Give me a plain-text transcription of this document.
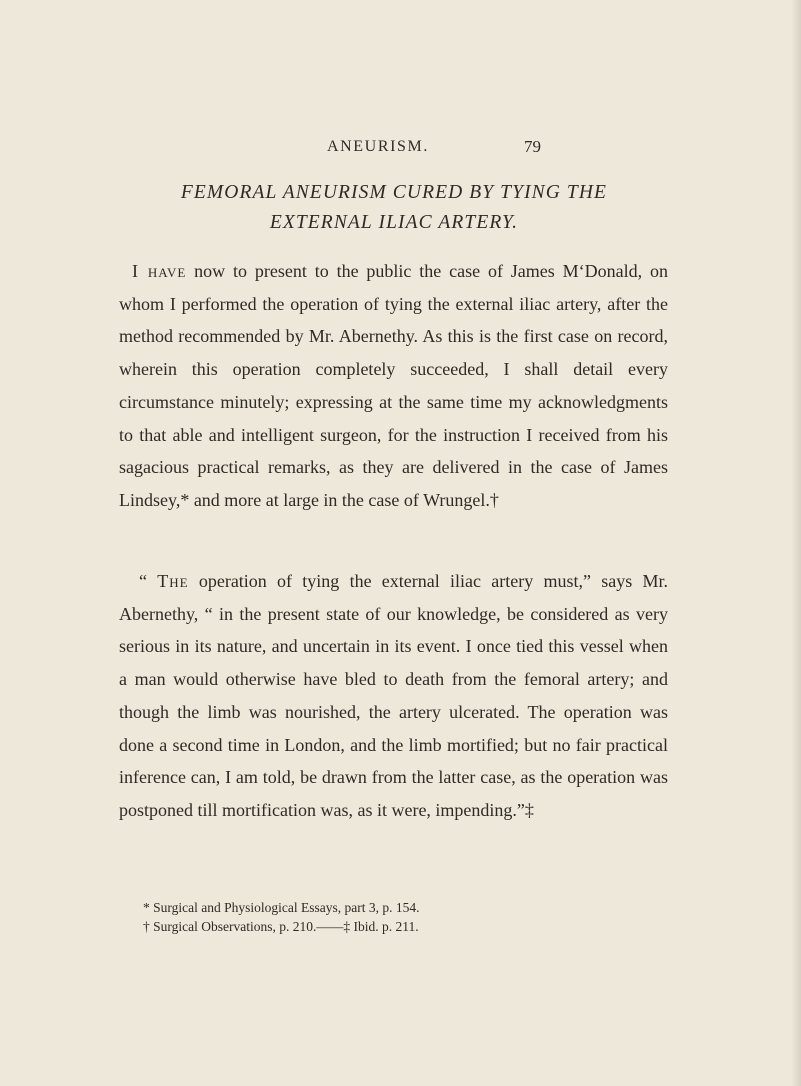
ANEURISM.	79
FEMORAL ANEURISM CURED BY TYING THE
EXTERNAL ILIAC ARTERY.

I have now to present to the public the case of James M‘Donald, on whom I performed the operation of tying the external iliac artery, after the method recommended by Mr. Abernethy. As this is the first case on record, wherein this operation completely succeeded, I shall detail every circumstance minutely; expressing at the same time my acknowledgments to that able and intelligent surgeon, for the instruction I received from his sagacious practical remarks, as they are delivered in the case of James Lindsey,* and more at large in the case of Wrungel.†

“ The operation of tying the external iliac artery must,” says Mr. Abernethy, “ in the present state of our knowledge, be considered as very serious in its nature, and uncertain in its event. I once tied this vessel when a man would otherwise have bled to death from the femoral artery; and though the limb was nourished, the artery ulcerated. The operation was done a second time in London, and the limb mortified; but no fair practical inference can, I am told, be drawn from the latter case, as the operation was postponed till mortification was, as it were, impending.”‡

* Surgical and Physiological Essays, part 3, p. 154.
† Surgical Observations, p. 210.——‡ Ibid. p. 211.
